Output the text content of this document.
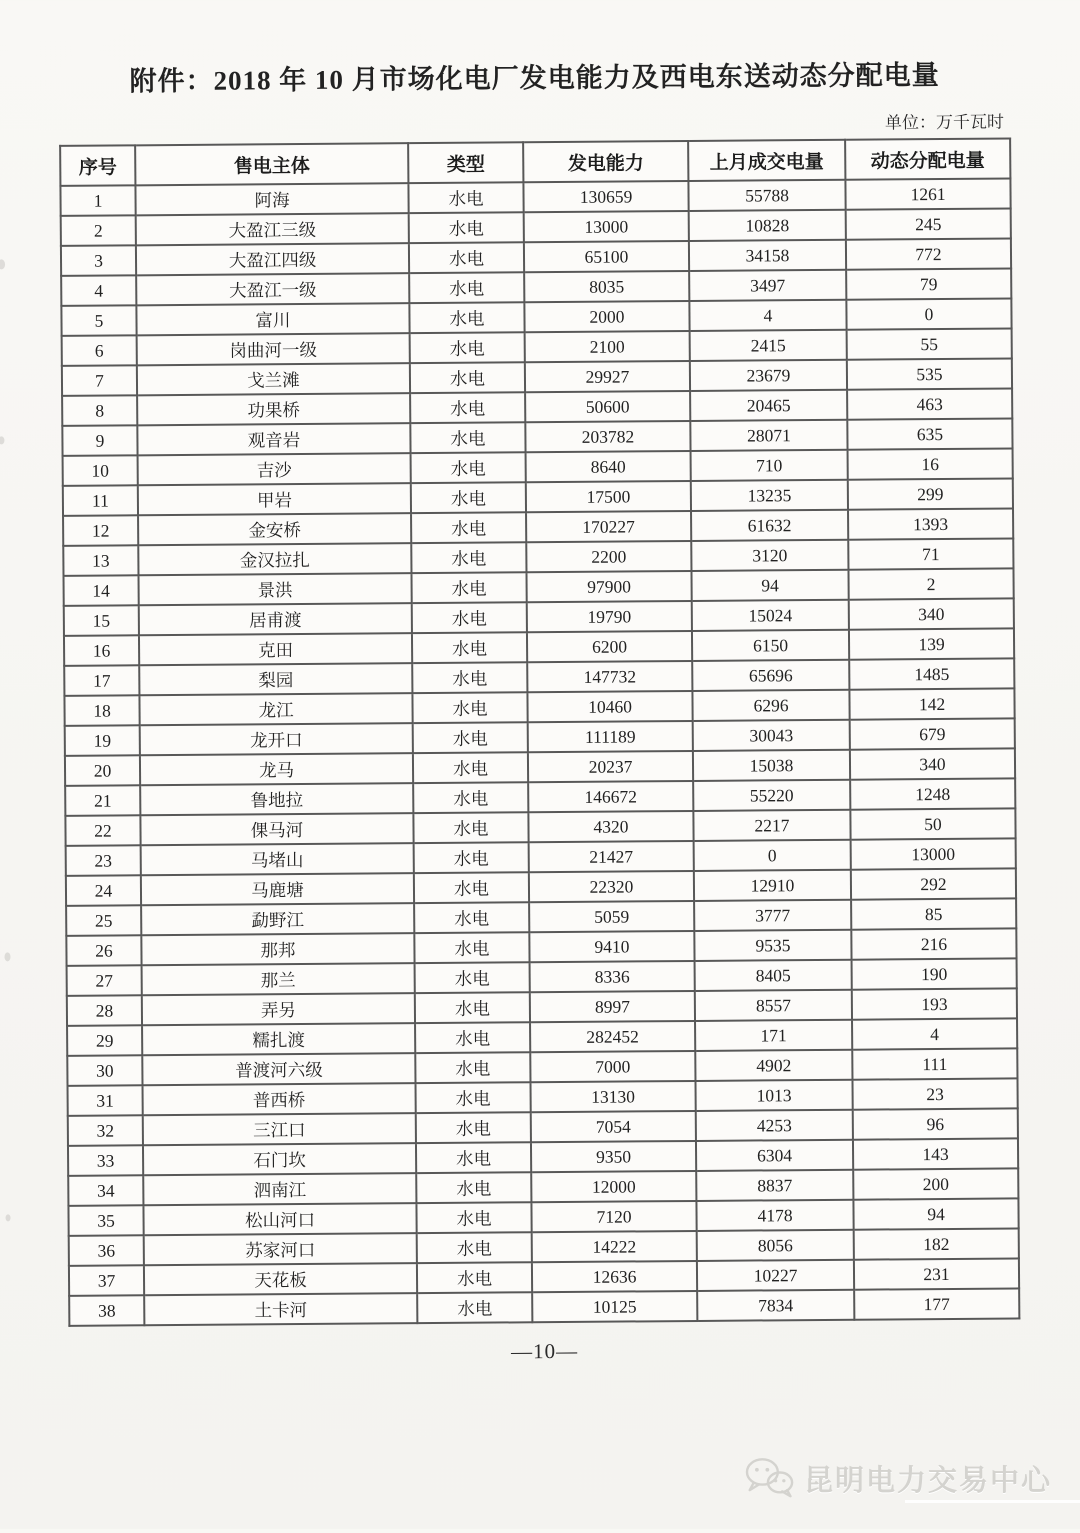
附件：2018 年 10 月市场化电厂发电能力及西电东送动态分配电量
单位：万千瓦时
序号	售电主体	类型	发电能力	上月成交电量	动态分配电量
1	阿海	水电	130659	55788	1261
2	大盈江三级	水电	13000	10828	245
3	大盈江四级	水电	65100	34158	772
4	大盈江一级	水电	8035	3497	79
5	富川	水电	2000	4	0
6	岗曲河一级	水电	2100	2415	55
7	戈兰滩	水电	29927	23679	535
8	功果桥	水电	50600	20465	463
9	观音岩	水电	203782	28071	635
10	吉沙	水电	8640	710	16
11	甲岩	水电	17500	13235	299
12	金安桥	水电	170227	61632	1393
13	金汉拉扎	水电	2200	3120	71
14	景洪	水电	97900	94	2
15	居甫渡	水电	19790	15024	340
16	克田	水电	6200	6150	139
17	梨园	水电	147732	65696	1485
18	龙江	水电	10460	6296	142
19	龙开口	水电	111189	30043	679
20	龙马	水电	20237	15038	340
21	鲁地拉	水电	146672	55220	1248
22	倮马河	水电	4320	2217	50
23	马堵山	水电	21427	0	13000
24	马鹿塘	水电	22320	12910	292
25	勐野江	水电	5059	3777	85
26	那邦	水电	9410	9535	216
27	那兰	水电	8336	8405	190
28	弄另	水电	8997	8557	193
29	糯扎渡	水电	282452	171	4
30	普渡河六级	水电	7000	4902	111
31	普西桥	水电	13130	1013	23
32	三江口	水电	7054	4253	96
33	石门坎	水电	9350	6304	143
34	泗南江	水电	12000	8837	200
35	松山河口	水电	7120	4178	94
36	苏家河口	水电	14222	8056	182
37	天花板	水电	12636	10227	231
38	土卡河	水电	10125	7834	177
—10—
昆明电力交易中心
